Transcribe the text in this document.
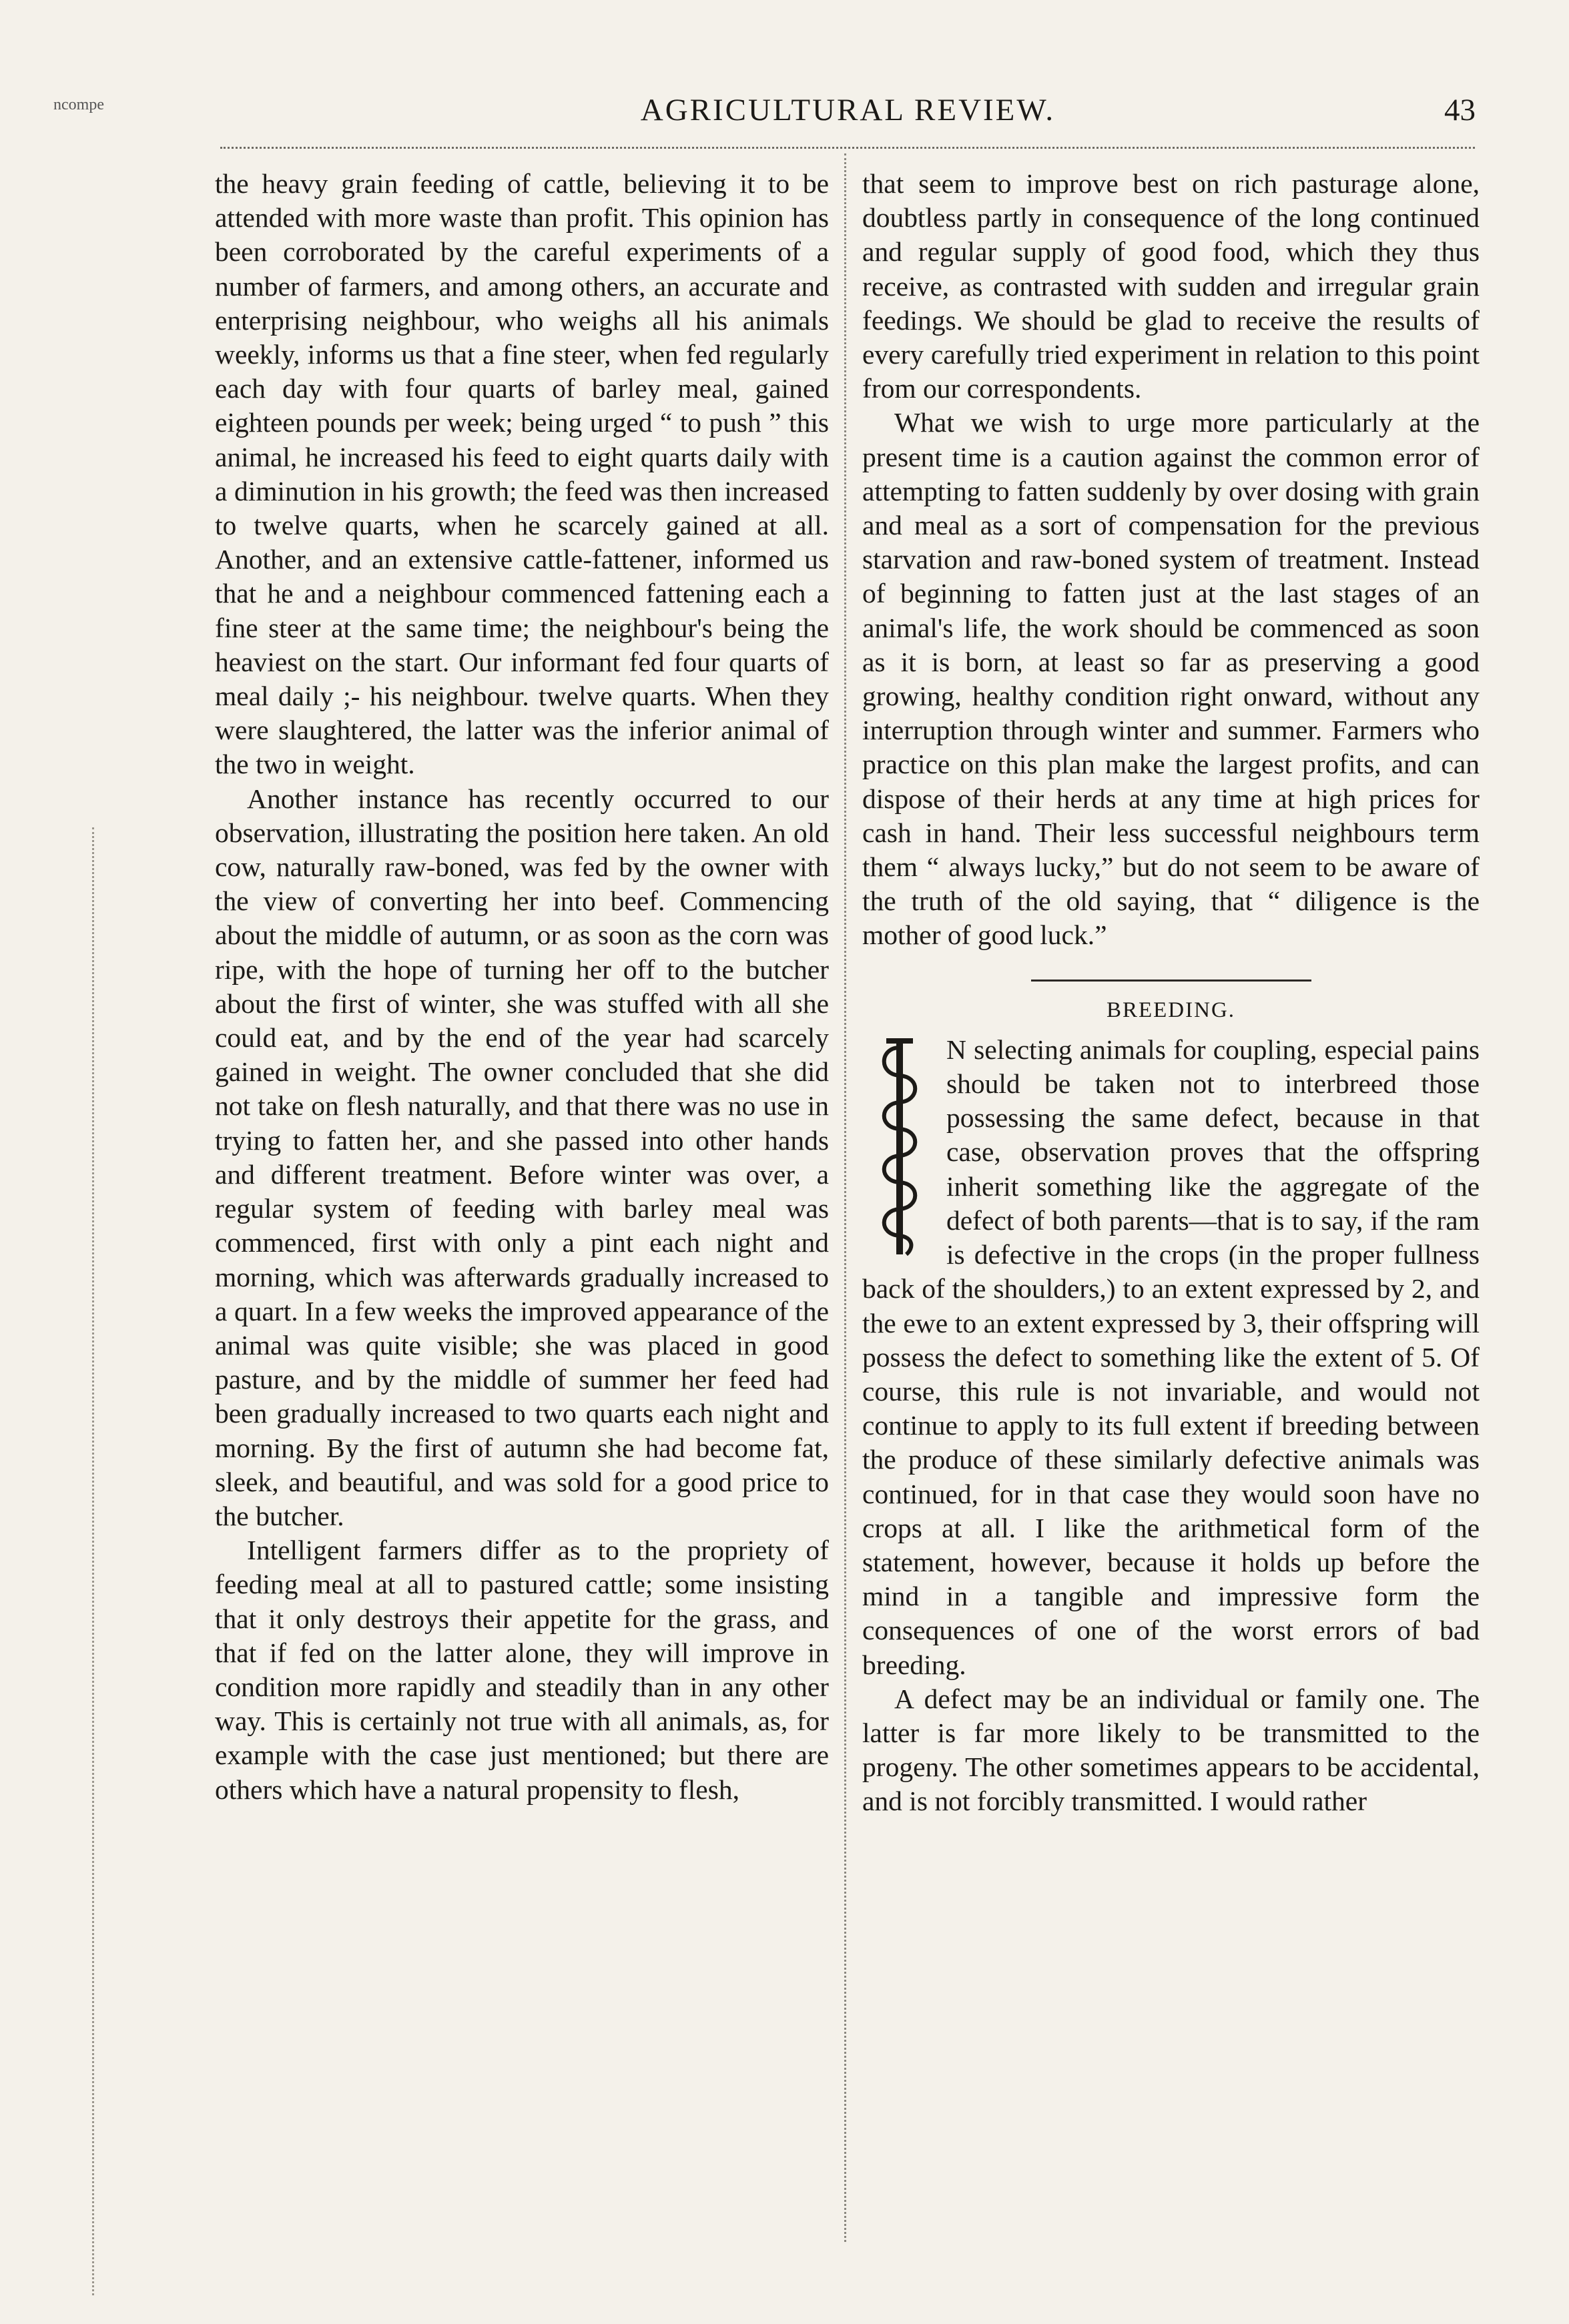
ncompe	AGRICULTURAL REVIEW.	43

the heavy grain feeding of cattle, believing it to be attended with more waste than profit. This opinion has been corroborated by the careful experiments of a number of farmers, and among others, an accurate and enterprising neighbour, who weighs all his animals weekly, informs us that a fine steer, when fed regularly each day with four quarts of barley meal, gained eighteen pounds per week; being urged “ to push ” this animal, he increased his feed to eight quarts daily with a diminution in his growth; the feed was then increased to twelve quarts, when he scarcely gained at all. Another, and an extensive cattle-fattener, informed us that he and a neighbour commenced fattening each a fine steer at the same time; the neighbour's being the heaviest on the start. Our informant fed four quarts of meal daily ;- his neighbour. twelve quarts. When they were slaughtered, the latter was the inferior animal of the two in weight.

Another instance has recently occurred to our observation, illustrating the position here taken. An old cow, naturally raw-boned, was fed by the owner with the view of converting her into beef. Commencing about the middle of autumn, or as soon as the corn was ripe, with the hope of turning her off to the butcher about the first of winter, she was stuffed with all she could eat, and by the end of the year had scarcely gained in weight. The owner concluded that she did not take on flesh naturally, and that there was no use in trying to fatten her, and she passed into other hands and different treatment. Before winter was over, a regular system of feeding with barley meal was commenced, first with only a pint each night and morning, which was afterwards gradually increased to a quart. In a few weeks the improved appearance of the animal was quite visible; she was placed in good pasture, and by the middle of summer her feed had been gradually increased to two quarts each night and morning. By the first of autumn she had become fat, sleek, and beautiful, and was sold for a good price to the butcher.

Intelligent farmers differ as to the propriety of feeding meal at all to pastured cattle; some insisting that it only destroys their appetite for the grass, and that if fed on the latter alone, they will improve in condition more rapidly and steadily than in any other way. This is certainly not true with all animals, as, for example with the case just mentioned; but there are others which have a natural propensity to flesh,

that seem to improve best on rich pasturage alone, doubtless partly in consequence of the long continued and regular supply of good food, which they thus receive, as contrasted with sudden and irregular grain feedings. We should be glad to receive the results of every carefully tried experiment in relation to this point from our correspondents.

What we wish to urge more particularly at the present time is a caution against the common error of attempting to fatten suddenly by over dosing with grain and meal as a sort of compensation for the previous starvation and raw-boned system of treatment. Instead of beginning to fatten just at the last stages of an animal's life, the work should be commenced as soon as it is born, at least so far as preserving a good growing, healthy condition right onward, without any interruption through winter and summer. Farmers who practice on this plan make the largest profits, and can dispose of their herds at any time at high prices for cash in hand. Their less successful neighbours term them “ always lucky,” but do not seem to be aware of the truth of the old saying, that “ diligence is the mother of good luck.”

BREEDING.

N selecting animals for coupling, especial pains should be taken not to interbreed those possessing the same defect, because in that case, observation proves that the offspring inherit something like the aggregate of the defect of both parents—that is to say, if the ram is defective in the crops (in the proper fullness back of the shoulders,) to an extent expressed by 2, and the ewe to an extent expressed by 3, their offspring will possess the defect to something like the extent of 5. Of course, this rule is not invariable, and would not continue to apply to its full extent if breeding between the produce of these similarly defective animals was continued, for in that case they would soon have no crops at all. I like the arithmetical form of the statement, however, because it holds up before the mind in a tangible and impressive form the consequences of one of the worst errors of bad breeding.

A defect may be an individual or family one. The latter is far more likely to be transmitted to the progeny. The other sometimes appears to be accidental, and is not forcibly transmitted. I would rather
